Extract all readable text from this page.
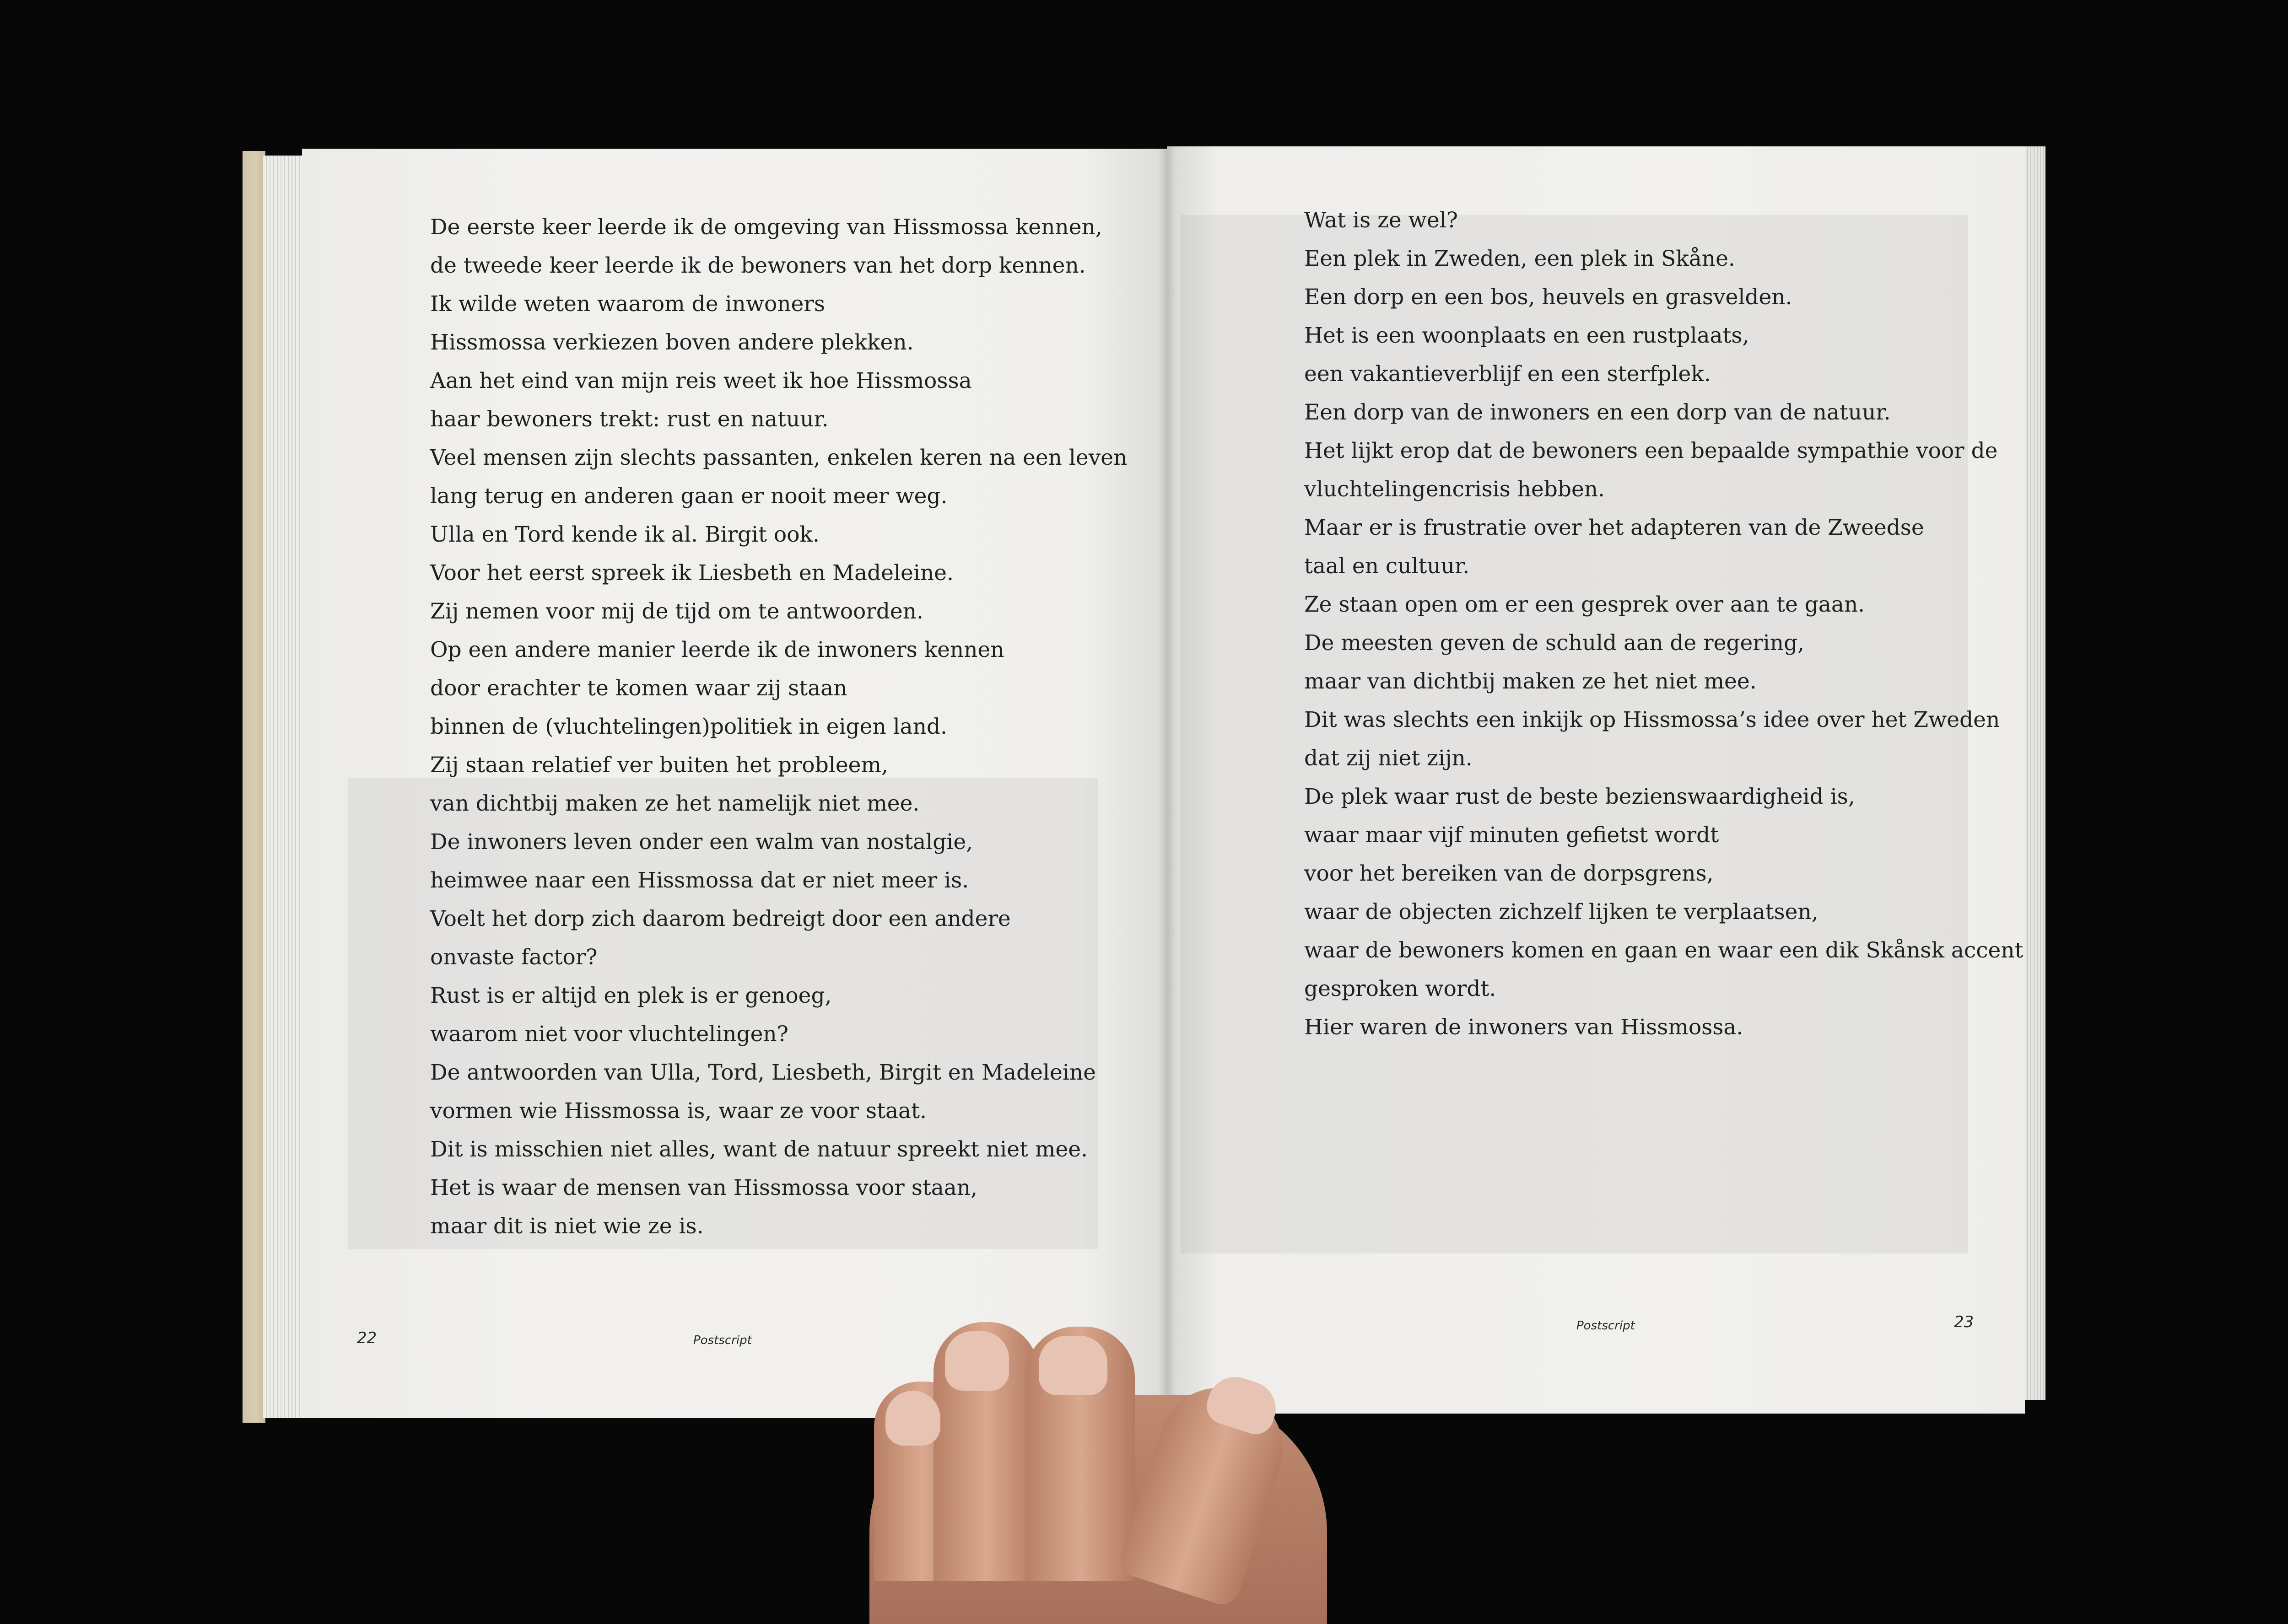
De eerste keer leerde ik de omgeving van Hissmossa kennen,
de tweede keer leerde ik de bewoners van het dorp kennen.
Ik wilde weten waarom de inwoners
Hissmossa verkiezen boven andere plekken.
Aan het eind van mijn reis weet ik hoe Hissmossa
haar bewoners trekt: rust en natuur.
Veel mensen zijn slechts passanten, enkelen keren na een leven
lang terug en anderen gaan er nooit meer weg.
Ulla en Tord kende ik al. Birgit ook.
Voor het eerst spreek ik Liesbeth en Madeleine.
Zij nemen voor mij de tijd om te antwoorden.
Op een andere manier leerde ik de inwoners kennen
door erachter te komen waar zij staan
binnen de (vluchtelingen)politiek in eigen land.
Zij staan relatief ver buiten het probleem,
van dichtbij maken ze het namelijk niet mee.
De inwoners leven onder een walm van nostalgie,
heimwee naar een Hissmossa dat er niet meer is.
Voelt het dorp zich daarom bedreigt door een andere
onvaste factor?
Rust is er altijd en plek is er genoeg,
waarom niet voor vluchtelingen?
De antwoorden van Ulla, Tord, Liesbeth, Birgit en Madeleine
vormen wie Hissmossa is, waar ze voor staat.
Dit is misschien niet alles, want de natuur spreekt niet mee.
Het is waar de mensen van Hissmossa voor staan,
maar dit is niet wie ze is.
Wat is ze wel?
Een plek in Zweden, een plek in Skåne.
Een dorp en een bos, heuvels en grasvelden.
Het is een woonplaats en een rustplaats,
een vakantieverblijf en een sterfplek.
Een dorp van de inwoners en een dorp van de natuur.
Het lijkt erop dat de bewoners een bepaalde sympathie voor de
vluchtelingencrisis hebben.
Maar er is frustratie over het adapteren van de Zweedse
taal en cultuur.
Ze staan open om er een gesprek over aan te gaan.
De meesten geven de schuld aan de regering,
maar van dichtbij maken ze het niet mee.
Dit was slechts een inkijk op Hissmossa’s idee over het Zweden
dat zij niet zijn.
De plek waar rust de beste bezienswaardigheid is,
waar maar vijf minuten gefietst wordt
voor het bereiken van de dorpsgrens,
waar de objecten zichzelf lijken te verplaatsen,
waar de bewoners komen en gaan en waar een dik Skånsk accent
gesproken wordt.
Hier waren de inwoners van Hissmossa.
22	Postscript
Postscript	23
